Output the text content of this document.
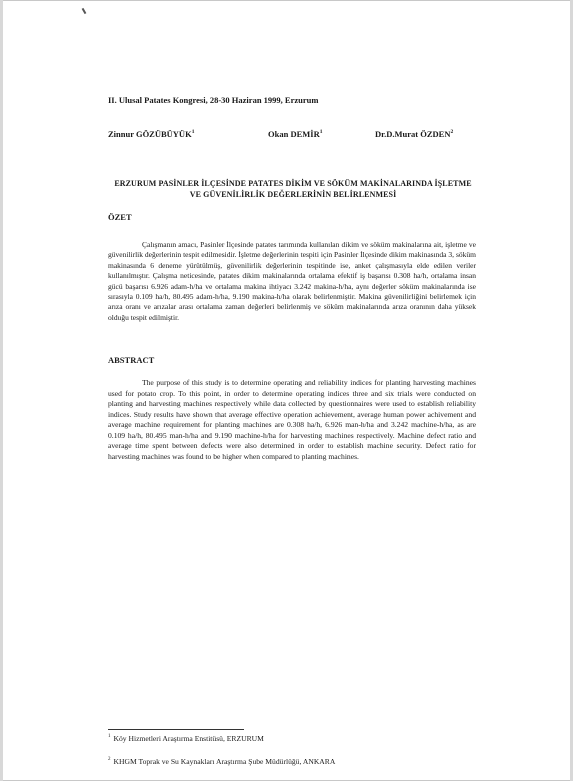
II. Ulusal Patates Kongresi, 28-30 Haziran 1999, Erzurum
Zinnur GÖZÜBÜYÜK$^1$	Okan DEMİR$^1$	Dr.D.Murat ÖZDEN$^2$
ERZURUM PASİNLER İLÇESİNDE PATATES DİKİM VE SÖKÜM MAKİNALARINDA İŞLETME
VE GÜVENİLİRLİK DEĞERLERİNİN BELİRLENMESİ
ÖZET

Çalışmanın amacı, Pasinler İlçesinde patates tarımında kullanılan dikim ve söküm makinalarına ait, işletme ve güvenilirlik değerlerinin tespit edilmesidir. İşletme değerlerinin tespiti için Pasinler İlçesinde dikim makinasında 3, söküm makinasında 6 deneme yürütülmüş, güvenilirlik değerlerinin tespitinde ise, anket çalışmasıyla elde edilen veriler kullanılmıştır. Çalışma neticesinde, patates dikim makinalarında ortalama efektif iş başarısı 0.308 ha/h, ortalama insan gücü başarısı 6.926 adam-h/ha ve ortalama makina ihtiyacı 3.242 makina-h/ha, aynı değerler söküm makinalarında ise sırasıyla 0.109 ha/h, 80.495 adam-h/ha, 9.190 makina-h/ha olarak belirlenmiştir. Makina güvenilirliğini belirlemek için arıza oranı ve arızalar arası ortalama zaman değerleri belirlenmiş ve söküm makinalarında arıza oranının daha yüksek olduğu tespit edilmiştir.

ABSTRACT

The purpose of this study is to determine operating and reliability indices for planting harvesting machines used for potato crop. To this point, in order to determine operating indices three and six trials were conducted on planting and harvesting machines respectively while data collected by questionnaires were used to establish reliability indices. Study results have shown that average effective operation achievement, average human power achivement and average machine requirement for planting machines are 0.308 ha/h, 6.926 man-h/ha and 3.242 machine-h/ha, as are 0.109 ha/h, 80.495 man-h/ha and 9.190 machine-h/ha for harvesting machines respectively. Machine defect ratio and average time spent between defects were also determined in order to establish machine security. Defect ratio for harvesting machines was found to be higher when compared to planting machines.

$^1$ Köy Hizmetleri Araştırma Enstitüsü, ERZURUM
$^2$ KHGM Toprak ve Su Kaynakları Araştırma Şube Müdürlüğü, ANKARA
